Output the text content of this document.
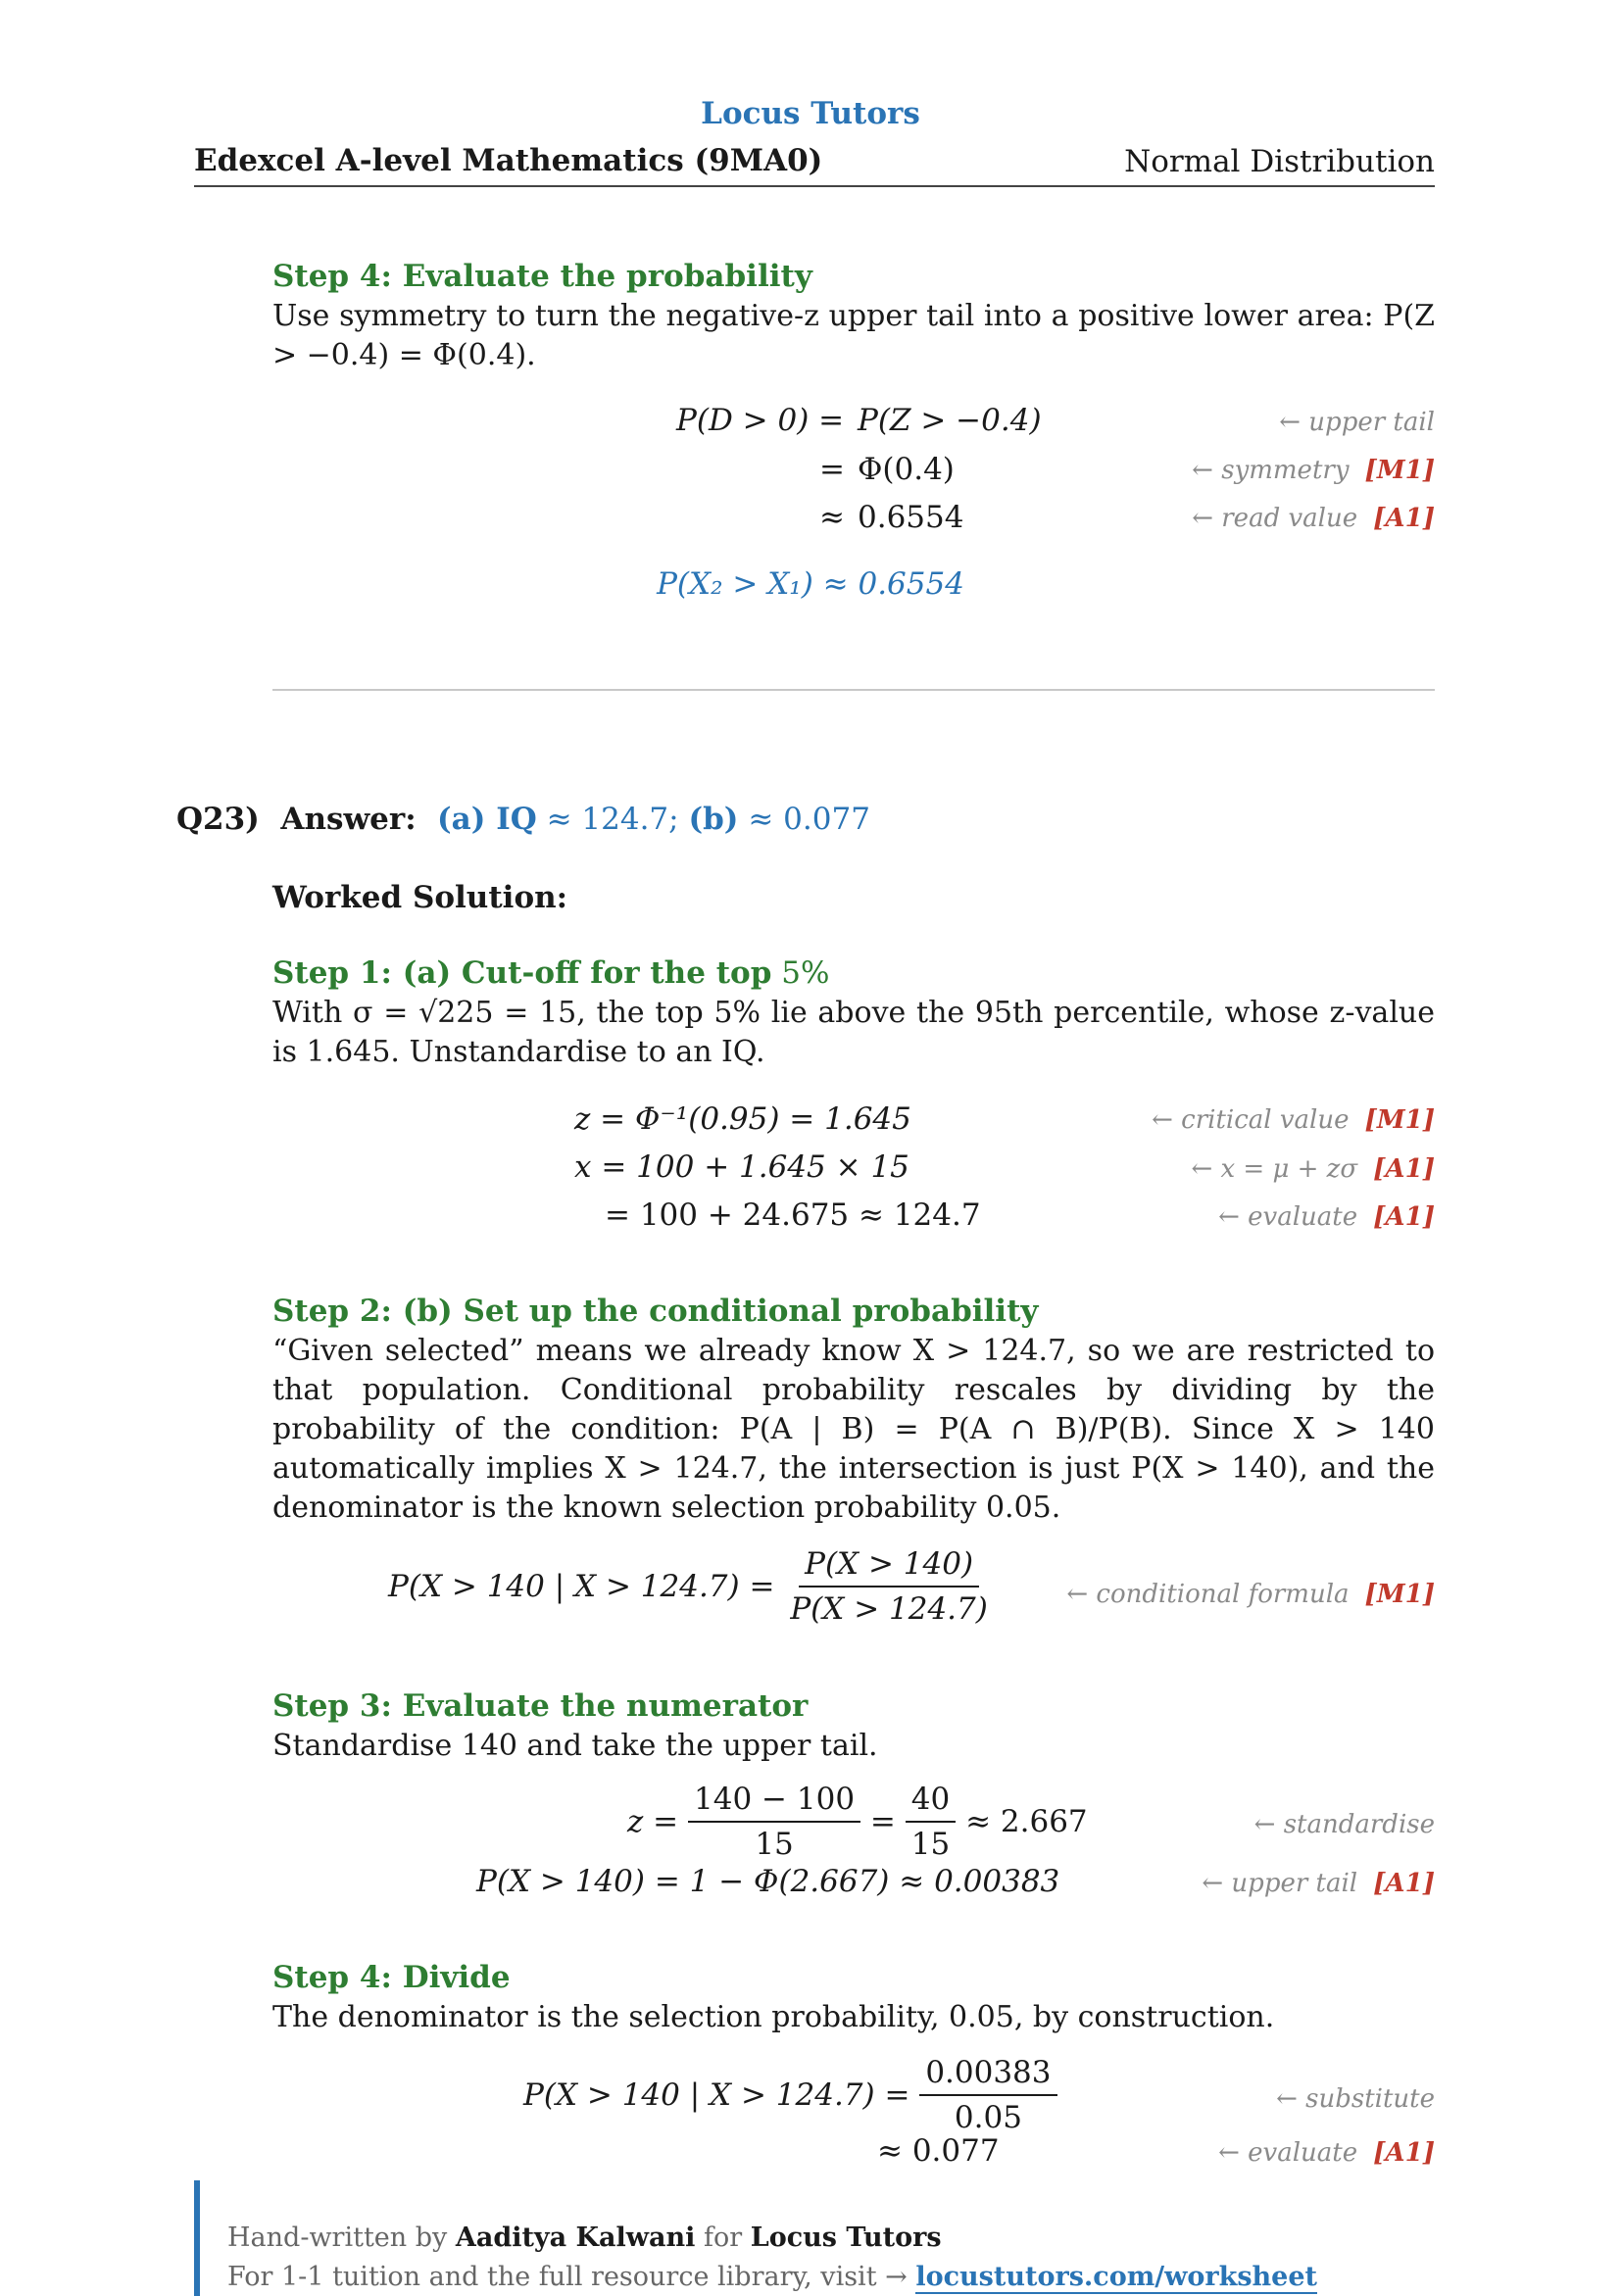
Locus Tutors
Edexcel A-level Mathematics (9MA0)	Normal Distribution
Step 4: Evaluate the probability
Use symmetry to turn the negative-z upper tail into a positive lower area: P(Z > −0.4) = Φ(0.4).
P(D > 0) = P(Z > −0.4)	← upper tail
= Φ(0.4)	← symmetry [M1]
≈ 0.6554	← read value [A1]
P(X₂ > X₁) ≈ 0.6554
Q23) Answer: (a) IQ ≈ 124.7; (b) ≈ 0.077
Worked Solution:
Step 1: (a) Cut-off for the top 5%
With σ = √225 = 15, the top 5% lie above the 95th percentile, whose z-value is 1.645. Unstandardise to an IQ.
z = Φ⁻¹(0.95) = 1.645	← critical value [M1]
x = 100 + 1.645 × 15	← x = μ + zσ [A1]
= 100 + 24.675 ≈ 124.7	← evaluate [A1]
Step 2: (b) Set up the conditional probability
“Given selected” means we already know X > 124.7, so we are restricted to that population. Conditional probability rescales by dividing by the probability of the condition: P(A | B) = P(A ∩ B)/P(B). Since X > 140 automatically implies X > 124.7, the intersection is just P(X > 140), and the denominator is the known selection probability 0.05.
P(X > 140 | $X > 124.7) = \frac{P(X > 140)}{P(X > 124.7)}$	← conditional formula [M1]
Step 3: Evaluate the numerator
Standardise 140 and take the upper tail.
$z = \frac{140 - 100}{15} = \frac{40}{15} \approx 2.667$	← standardise
P(X > 140) = 1 − Φ(2.667) ≈ 0.00383	← upper tail [A1]
Step 4: Divide
The denominator is the selection probability, 0.05, by construction.
P(X > 140 | $X > 124.7) = \frac{0.00383}{0.05}$	← substitute
≈ 0.077	← evaluate [A1]
Hand-written by Aaditya Kalwani for Locus Tutors
For 1-1 tuition and the full resource library, visit → locustutors.com/worksheet
